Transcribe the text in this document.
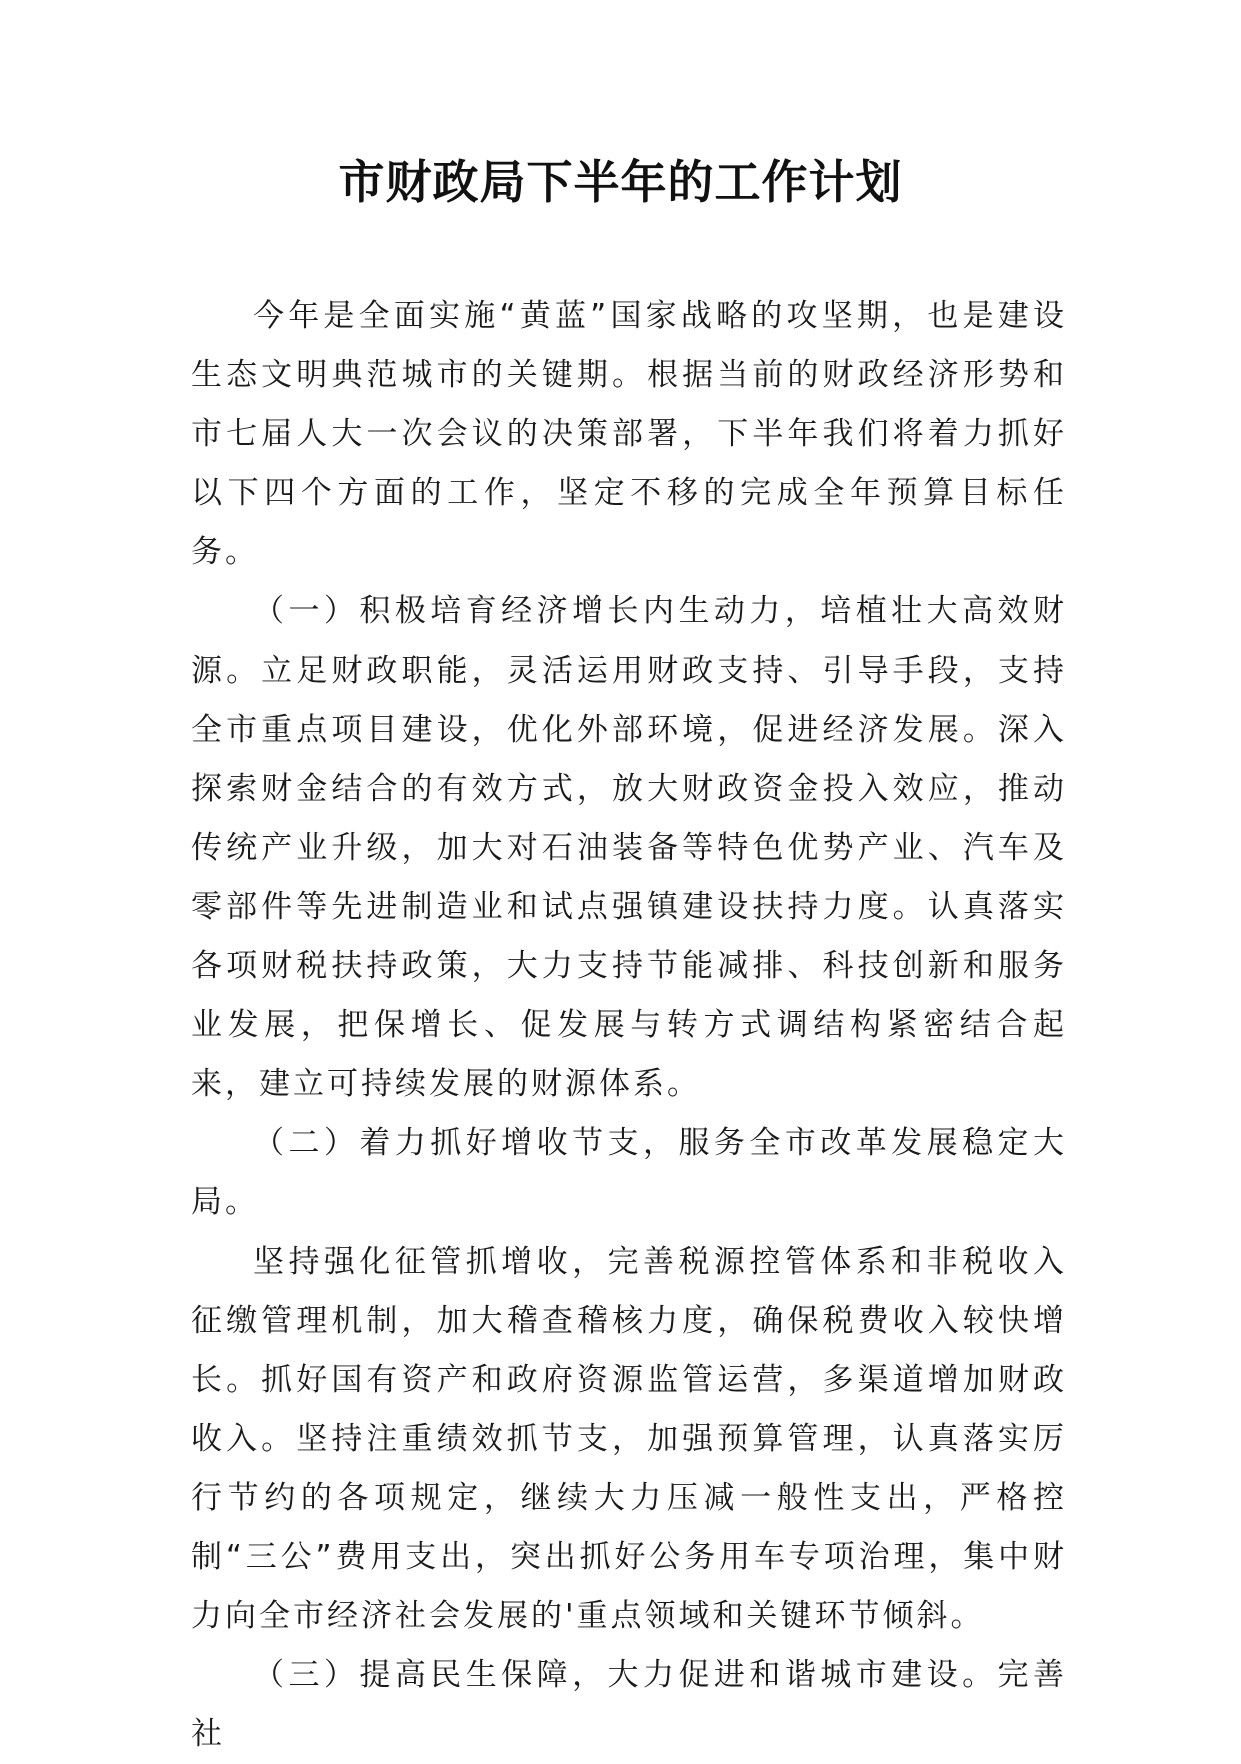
市财政局下半年的工作计划

今年是全面实施“黄蓝”国家战略的攻坚期，也是建设生态文明典范城市的关键期。根据当前的财政经济形势和市七届人大一次会议的决策部署，下半年我们将着力抓好以下四个方面的工作，坚定不移的完成全年预算目标任务。

（一）积极培育经济增长内生动力，培植壮大高效财源。立足财政职能，灵活运用财政支持、引导手段，支持全市重点项目建设，优化外部环境，促进经济发展。深入探索财金结合的有效方式，放大财政资金投入效应，推动传统产业升级，加大对石油装备等特色优势产业、汽车及零部件等先进制造业和试点强镇建设扶持力度。认真落实各项财税扶持政策，大力支持节能减排、科技创新和服务业发展，把保增长、促发展与转方式调结构紧密结合起来，建立可持续发展的财源体系。

（二）着力抓好增收节支，服务全市改革发展稳定大局。

坚持强化征管抓增收，完善税源控管体系和非税收入征缴管理机制，加大稽查稽核力度，确保税费收入较快增长。抓好国有资产和政府资源监管运营，多渠道增加财政收入。坚持注重绩效抓节支，加强预算管理，认真落实厉行节约的各项规定，继续大力压减一般性支出，严格控制“三公”费用支出，突出抓好公务用车专项治理，集中财力向全市经济社会发展的'重点领域和关键环节倾斜。

（三）提高民生保障，大力促进和谐城市建设。完善社
